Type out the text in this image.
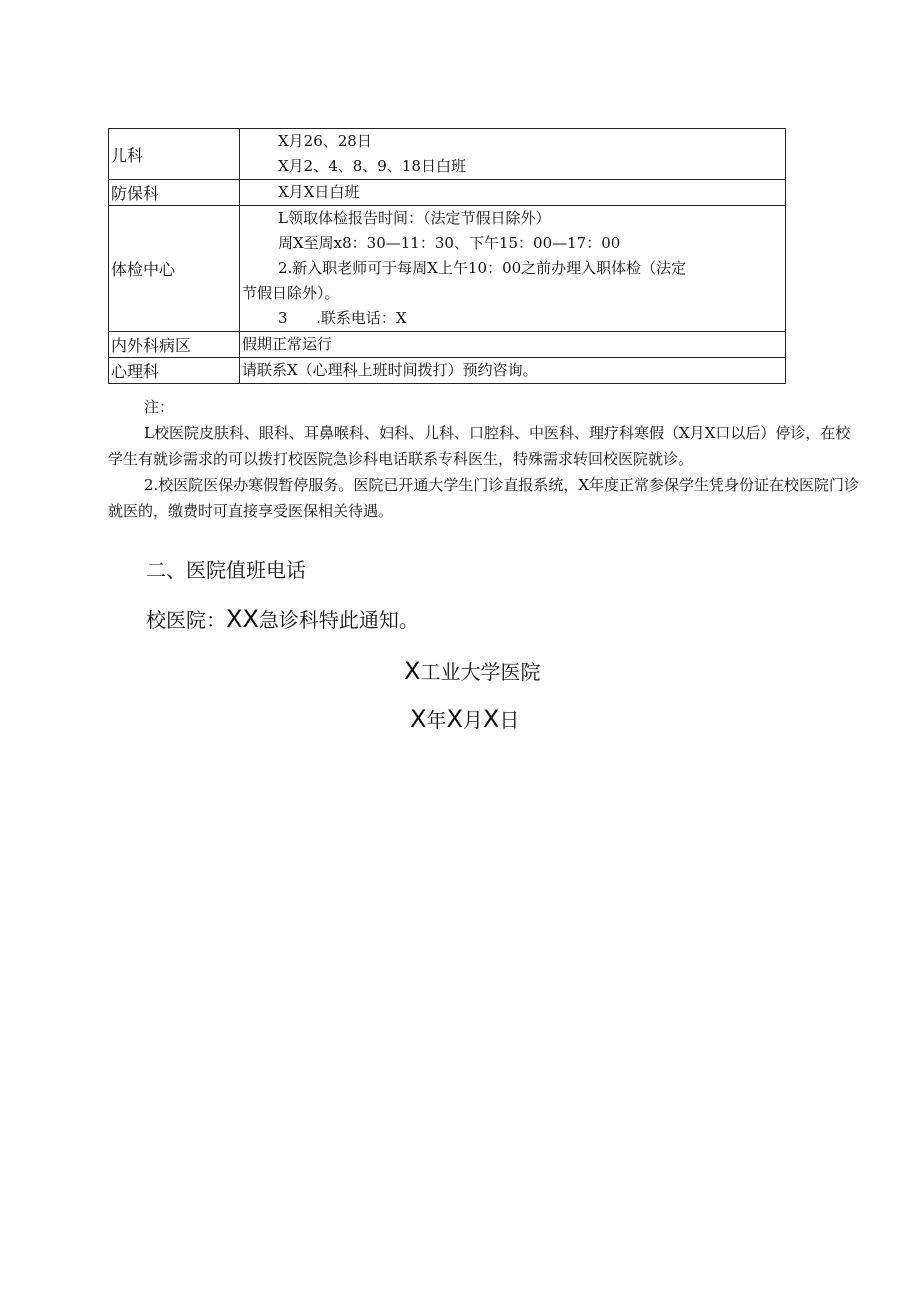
儿科	X月26、28日
X月2、4、8、9、18日白班

防保科	X月X日白班

体检中心	L领取体检报告时间：（法定节假日除外）
周X至周x8：30—11：30、下午15：00—17：00
2.新入职老师可于每周X上午10：00之前办理入职体检（法定
节假日除外）。
3      .联系电话：X

内外科病区	假期正常运行

心理科	请联系X（心理科上班时间拨打）预约咨询。

注：

L校医院皮肤科、眼科、耳鼻喉科、妇科、儿科、口腔科、中医科、理疗科寒假（X月X口以后）停诊，在校学生有就诊需求的可以拨打校医院急诊科电话联系专科医生，特殊需求转回校医院就诊。

2.校医院医保办寒假暂停服务。医院已开通大学生门诊直报系统，X年度正常参保学生凭身份证在校医院门诊就医的，缴费时可直接享受医保相关待遇。

二、医院值班电话
校医院：XX急诊科特此通知。
X工业大学医院
X年X月X日
